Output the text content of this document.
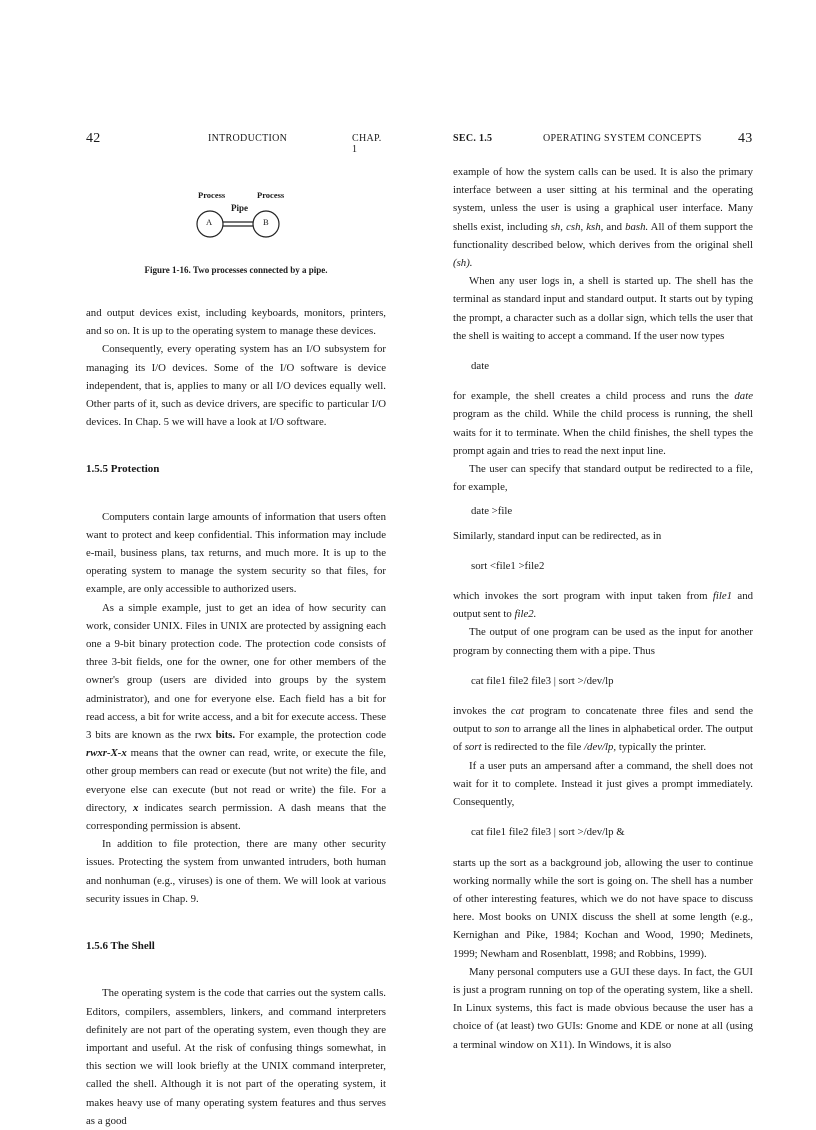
42	INTRODUCTION	CHAP. 1
Process	Process
Pipe
A	B
Figure 1-16. Two processes connected by a pipe.

and output devices exist, including keyboards, monitors, printers, and so on. It is up to the operating system to manage these devices.

Consequently, every operating system has an I/O subsystem for managing its I/O devices. Some of the I/O software is device independent, that is, applies to many or all I/O devices equally well. Other parts of it, such as device drivers, are specific to particular I/O devices. In Chap. 5 we will have a look at I/O software.

1.5.5 Protection

Computers contain large amounts of information that users often want to protect and keep confidential. This information may include e-mail, business plans, tax returns, and much more. It is up to the operating system to manage the system security so that files, for example, are only accessible to authorized users.

As a simple example, just to get an idea of how security can work, consider UNIX. Files in UNIX are protected by assigning each one a 9-bit binary protection code. The protection code consists of three 3-bit fields, one for the owner, one for other members of the owner's group (users are divided into groups by the system administrator), and one for everyone else. Each field has a bit for read access, a bit for write access, and a bit for execute access. These 3 bits are known as the rwx bits. For example, the protection code rwxr-X-x means that the owner can read, write, or execute the file, other group members can read or execute (but not write) the file, and everyone else can execute (but not read or write) the file. For a directory, x indicates search permission. A dash means that the corresponding permission is absent.

In addition to file protection, there are many other security issues. Protecting the system from unwanted intruders, both human and nonhuman (e.g., viruses) is one of them. We will look at various security issues in Chap. 9.

1.5.6 The Shell

The operating system is the code that carries out the system calls. Editors, compilers, assemblers, linkers, and command interpreters definitely are not part of the operating system, even though they are important and useful. At the risk of confusing things somewhat, in this section we will look briefly at the UNIX command interpreter, called the shell. Although it is not part of the operating system, it makes heavy use of many operating system features and thus serves as a good

SEC. 1.5	OPERATING SYSTEM CONCEPTS	43

example of how the system calls can be used. It is also the primary interface between a user sitting at his terminal and the operating system, unless the user is using a graphical user interface. Many shells exist, including sh, csh, ksh, and bash. All of them support the functionality described below, which derives from the original shell (sh).

When any user logs in, a shell is started up. The shell has the terminal as standard input and standard output. It starts out by typing the prompt, a character such as a dollar sign, which tells the user that the shell is waiting to accept a command. If the user now types

date

for example, the shell creates a child process and runs the date program as the child. While the child process is running, the shell waits for it to terminate. When the child finishes, the shell types the prompt again and tries to read the next input line.

The user can specify that standard output be redirected to a file, for example,

date >file

Similarly, standard input can be redirected, as in

sort <file1 >file2

which invokes the sort program with input taken from file1 and output sent to file2.

The output of one program can be used as the input for another program by connecting them with a pipe. Thus

cat file1 file2 file3 | sort >/dev/lp

invokes the cat program to concatenate three files and send the output to son to arrange all the lines in alphabetical order. The output of sort is redirected to the file /dev/lp, typically the printer.

If a user puts an ampersand after a command, the shell does not wait for it to complete. Instead it just gives a prompt immediately. Consequently,

cat file1 file2 file3 | sort >/dev/lp &

starts up the sort as a background job, allowing the user to continue working normally while the sort is going on. The shell has a number of other interesting features, which we do not have space to discuss here. Most books on UNIX discuss the shell at some length (e.g., Kernighan and Pike, 1984; Kochan and Wood, 1990; Medinets, 1999; Newham and Rosenblatt, 1998; and Robbins, 1999).

Many personal computers use a GUI these days. In fact, the GUI is just a program running on top of the operating system, like a shell. In Linux systems, this fact is made obvious because the user has a choice of (at least) two GUIs: Gnome and KDE or none at all (using a terminal window on X11). In Windows, it is also
